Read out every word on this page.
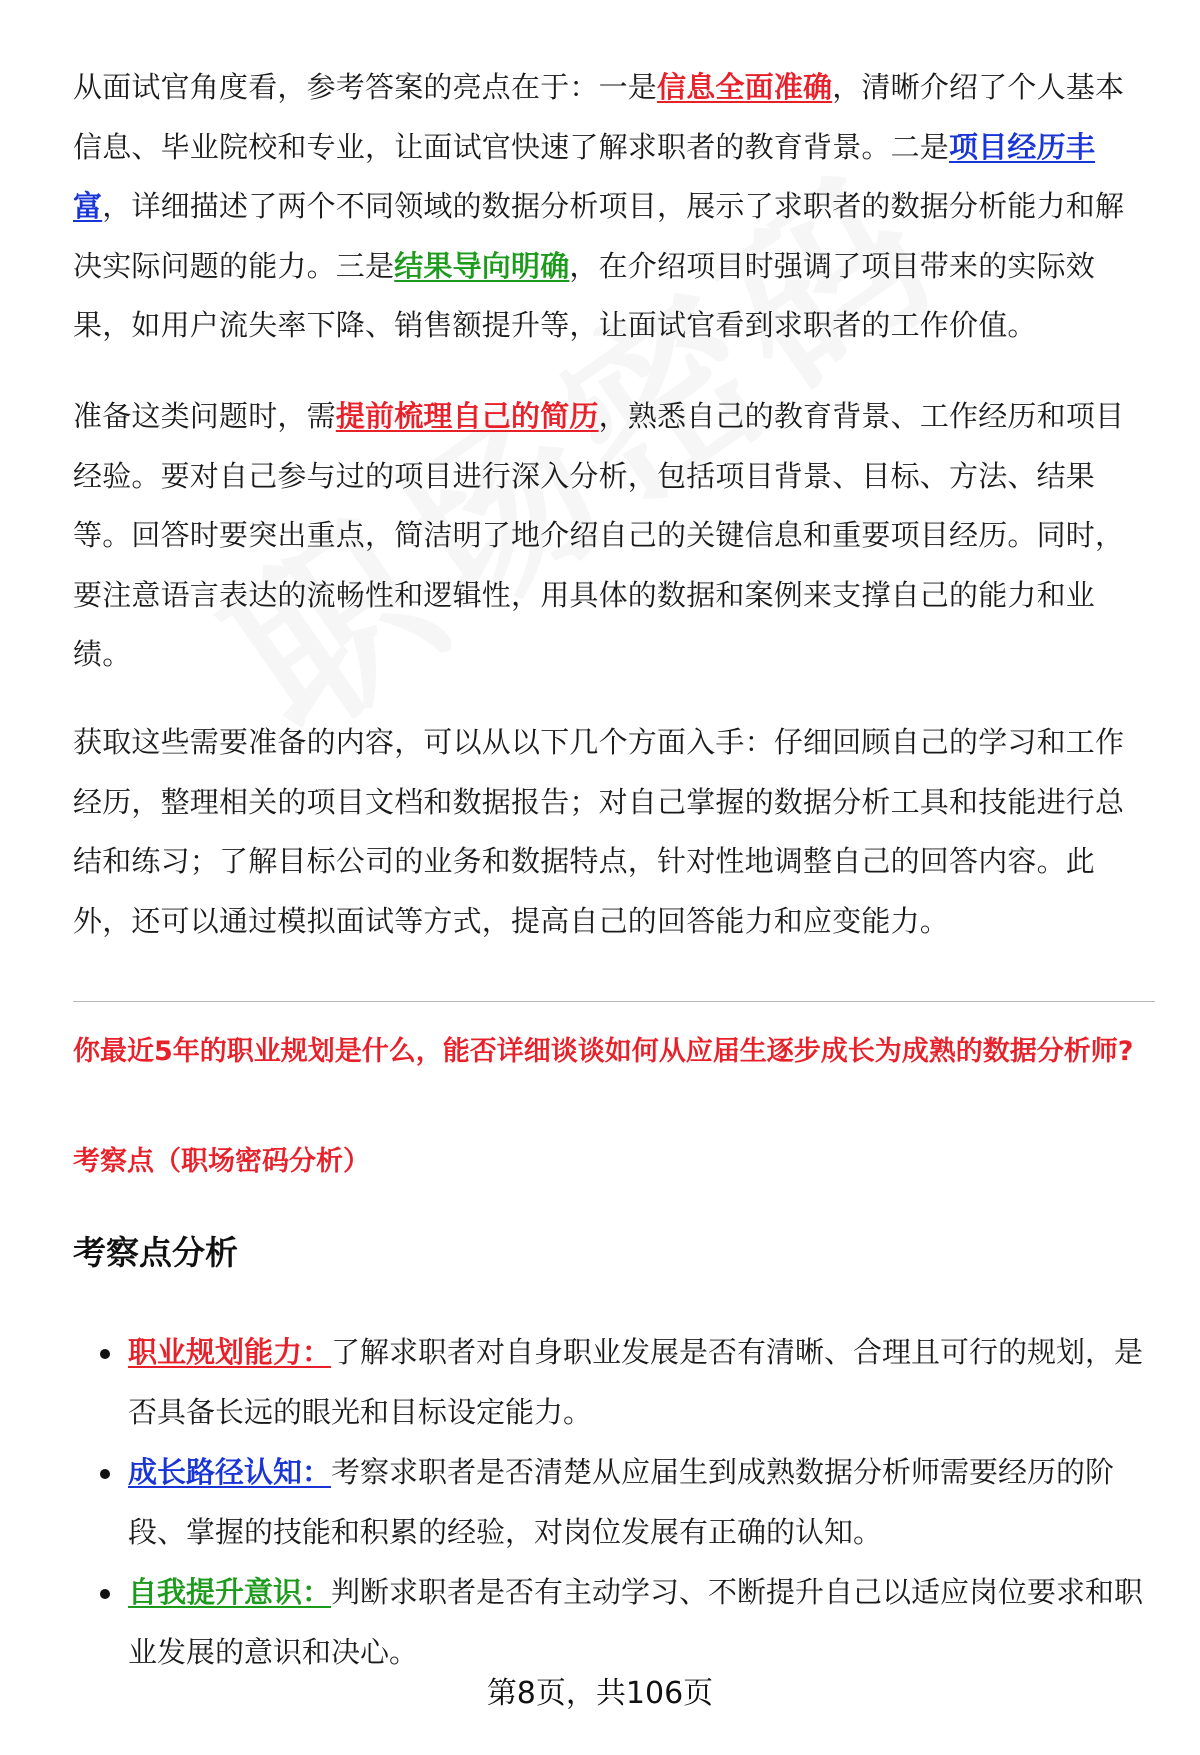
从面试官角度看，参考答案的亮点在于：一是信息全面准确，清晰介绍了个人基本信息、毕业院校和专业，让面试官快速了解求职者的教育背景。二是项目经历丰富，详细描述了两个不同领域的数据分析项目，展示了求职者的数据分析能力和解决实际问题的能力。三是结果导向明确，在介绍项目时强调了项目带来的实际效果，如用户流失率下降、销售额提升等，让面试官看到求职者的工作价值。

准备这类问题时，需提前梳理自己的简历，熟悉自己的教育背景、工作经历和项目经验。要对自己参与过的项目进行深入分析，包括项目背景、目标、方法、结果等。回答时要突出重点，简洁明了地介绍自己的关键信息和重要项目经历。同时，要注意语言表达的流畅性和逻辑性，用具体的数据和案例来支撑自己的能力和业绩。

获取这些需要准备的内容，可以从以下几个方面入手：仔细回顾自己的学习和工作经历，整理相关的项目文档和数据报告；对自己掌握的数据分析工具和技能进行总结和练习；了解目标公司的业务和数据特点，针对性地调整自己的回答内容。此外，还可以通过模拟面试等方式，提高自己的回答能力和应变能力。

你最近5年的职业规划是什么，能否详细谈谈如何从应届生逐步成长为成熟的数据分析师?

考察点（职场密码分析）

考察点分析
职业规划能力：了解求职者对自身职业发展是否有清晰、合理且可行的规划，是否具备长远的眼光和目标设定能力。
成长路径认知：考察求职者是否清楚从应届生到成熟数据分析师需要经历的阶段、掌握的技能和积累的经验，对岗位发展有正确的认知。
自我提升意识：判断求职者是否有主动学习、不断提升自己以适应岗位要求和职业发展的意识和决心。
第8页，共106页
